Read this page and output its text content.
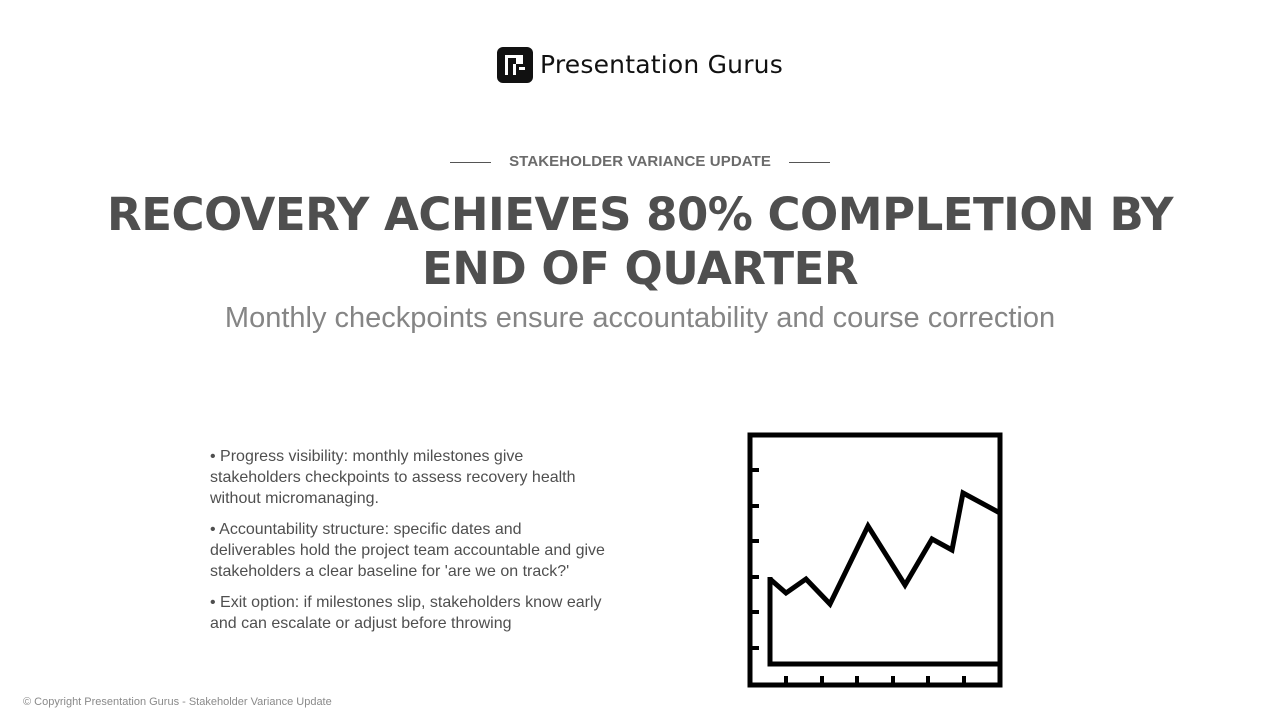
Presentation Gurus
STAKEHOLDER VARIANCE UPDATE
RECOVERY ACHIEVES 80% COMPLETION BY END OF QUARTER

Monthly checkpoints ensure accountability and course correction

• Progress visibility: monthly milestones give stakeholders checkpoints to assess recovery health without micromanaging.
• Accountability structure: specific dates and deliverables hold the project team accountable and give stakeholders a clear baseline for 'are we on track?'
• Exit option: if milestones slip, stakeholders know early and can escalate or adjust before throwing
© Copyright Presentation Gurus - Stakeholder Variance Update
